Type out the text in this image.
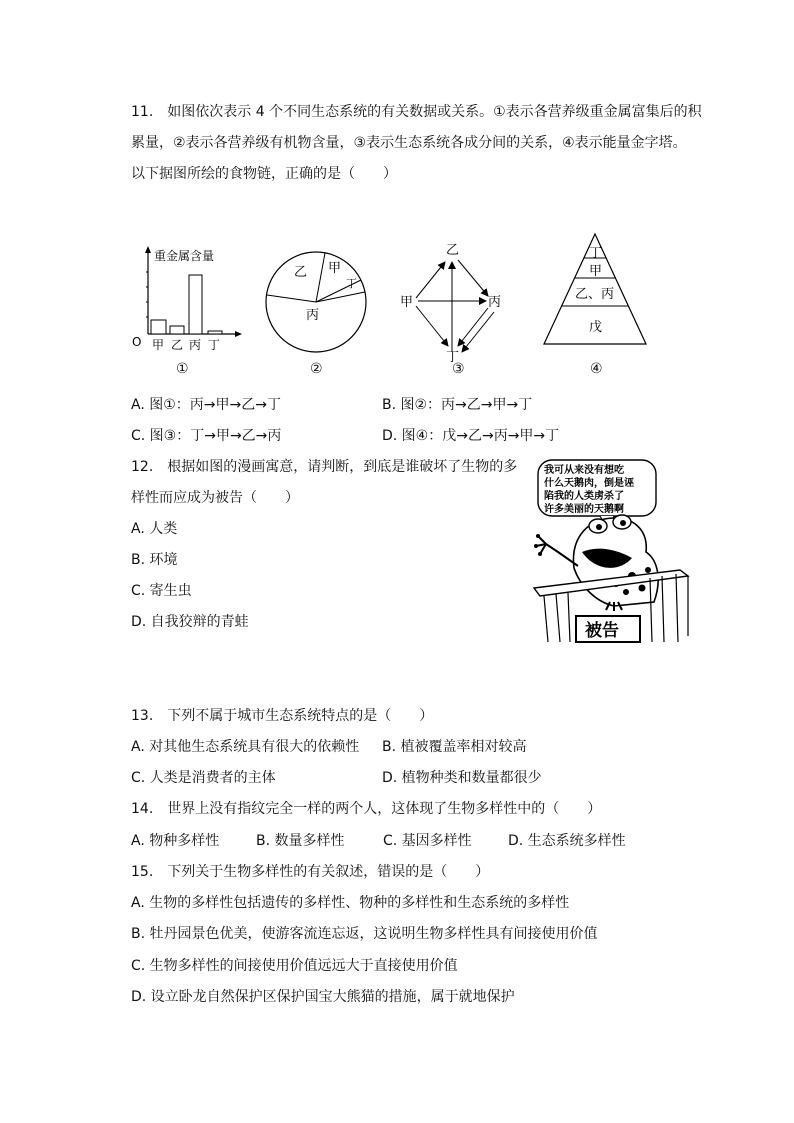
11.　如图依次表示 4 个不同生态系统的有关数据或关系。①表示各营养级重金属富集后的积
累量，②表示各营养级有机物含量，③表示生态系统各成分间的关系，④表示能量金字塔。
以下据图所绘的食物链，正确的是（　　）
重金属含量
O 甲 乙 丙 丁
①
乙 甲
丁
丙
②
乙
甲	丙
丁
③
丁
甲
乙、丙
戊
④
A. 图①：丙→甲→乙→丁	B. 图②：丙→乙→甲→丁
C. 图③：丁→甲→乙→丙	D. 图④：戊→乙→丙→甲→丁
12.　根据如图的漫画寓意，请判断，到底是谁破坏了生物的多
样性而应成为被告（　　）
A. 人类
B. 环境
C. 寄生虫
D. 自我狡辩的青蛙
我可从来没有想吃
什么天鹅肉，倒是诬
陷我的人类虏杀了
许多美丽的天鹅啊
被告
13.　下列不属于城市生态系统特点的是（　　）
A. 对其他生态系统具有很大的依赖性 B. 植被覆盖率相对较高
C. 人类是消费者的主体	D. 植物种类和数量都很少
14.　世界上没有指纹完全一样的两个人，这体现了生物多样性中的（　　）
A. 物种多样性	B. 数量多样性	C. 基因多样性	D. 生态系统多样性
15.　下列关于生物多样性的有关叙述，错误的是（　　）
A. 生物的多样性包括遗传的多样性、物种的多样性和生态系统的多样性
B. 牡丹园景色优美，使游客流连忘返，这说明生物多样性具有间接使用价值
C. 生物多样性的间接使用价值远远大于直接使用价值
D. 设立卧龙自然保护区保护国宝大熊猫的措施，属于就地保护
